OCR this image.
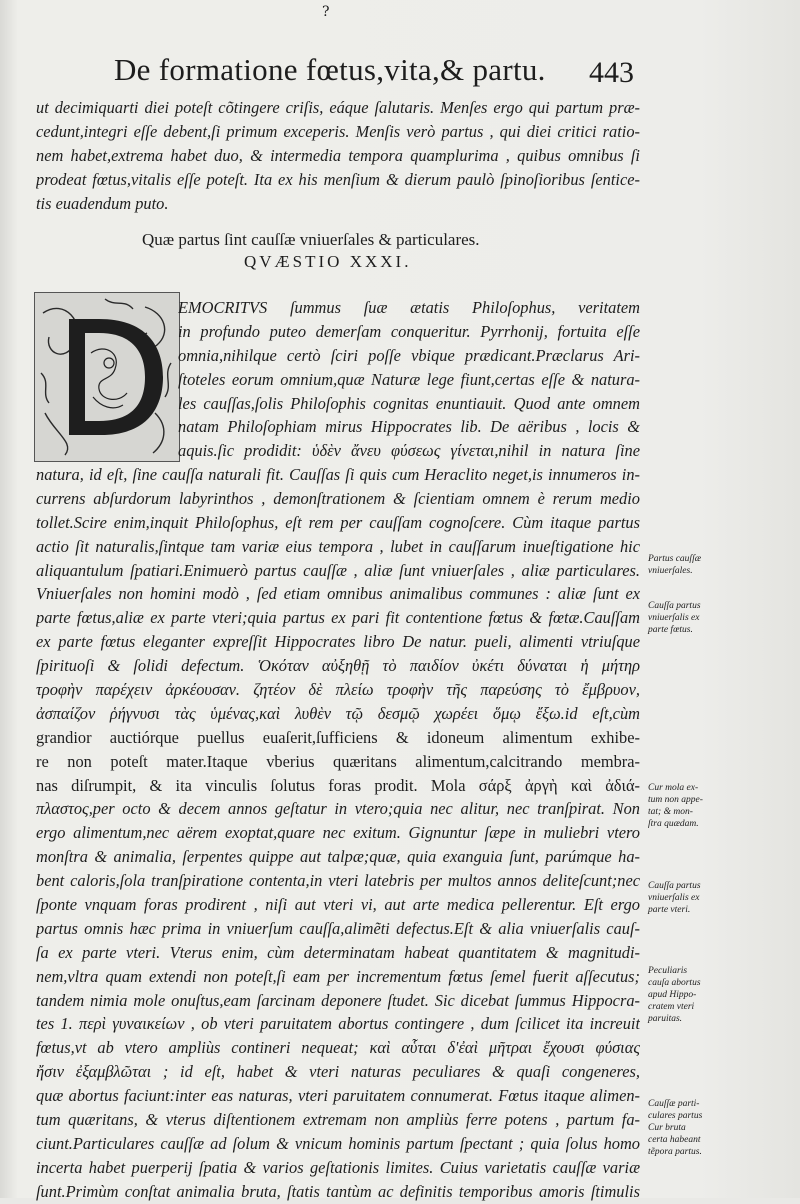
?
De formatione fœtus,vita,& partu. 443
ut decimiquarti diei poteſt cõtingere criſis, eáque ſalutaris. Menſes ergo qui partum præ-
cedunt,integri eſſe debent,ſi primum exceperis. Menſis verò partus , qui diei critici ratio-
nem habet,extrema habet duo, & intermedia tempora quamplurima , quibus omnibus ſi
prodeat fœtus,vitalis eſſe poteſt. Ita ex his menſium & dierum paulò ſpinoſioribus ſentice-
tis euadendum puto.
Quæ partus ſint cauſſæ vniuerſales & particulares.
QVÆSTIO XXXI.
EMOCRITVS ſummus ſuæ ætatis Philoſophus, veritatem
in profundo puteo demerſam conqueritur. Pyrrhonij, fortuita eſſe
omnia,nihilque certò ſciri poſſe vbique prædicant.Præclarus Ari-
ſtoteles eorum omnium,quæ Naturæ lege fiunt,certas eſſe & natura-
les cauſſas,ſolis Philoſophis cognitas enuntiauit. Quod ante omnem
natam Philoſophiam mirus Hippocrates lib. De aëribus , locis &
aquis.ſic prodidit: ὑδὲν ἄνευ φύσεως γίνεται,nihil in natura ſine
natura, id eſt, ſine cauſſa naturali fit. Cauſſas ſi quis cum Heraclito neget,is innumeros in-
currens abſurdorum labyrinthos , demonſtrationem & ſcientiam omnem è rerum medio
tollet.Scire enim,inquit Philoſophus, eſt rem per cauſſam cognoſcere. Cùm itaque partus
actio ſit naturalis,ſintque tam variæ eius tempora , lubet in cauſſarum inueſtigatione hic
aliquantulum ſpatiari.Enimuerò partus cauſſæ , aliæ ſunt vniuerſales , aliæ particulares.
Vniuerſales non homini modò , ſed etiam omnibus animalibus communes : aliæ ſunt ex
parte fœtus,aliæ ex parte vteri;quia partus ex pari fit contentione fœtus & fœtæ.Cauſſam
ex parte fœtus eleganter expreſſit Hippocrates libro De natur. pueli, alimenti vtriuſque
ſpirituoſi & ſolidi defectum. Ὁκόταν αὐξηθῇ τὸ παιδίον ὐκέτι δύναται ἡ μήτηρ
τροφὴν παρέχειν ἀρκέουσαν. ζητέον δὲ πλείω τροφὴν τῆς παρεύσης τὸ ἔμβρυον,
ἀσπαίζον ῥήγνυσι τὰς ὑμένας,καὶ λυθὲν τῷ δεσμῷ χωρέει ὅμῳ ἔξω.id eſt,cùm
grandior auctiórque puellus euaſerit,ſufficiens & idoneum alimentum exhibe-
re non poteſt mater.Itaque vberius quæritans alimentum,calcitrando membra-
nas diſrumpit, & ita vinculis ſolutus foras prodit. Mola σάρξ ἀργὴ καὶ ἀδιά-
πλαστος,per octo & decem annos geſtatur in vtero;quia nec alitur, nec tranſpirat. Non
ergo alimentum,nec aërem exoptat,quare nec exitum. Gignuntur ſæpe in muliebri vtero
monſtra & animalia, ſerpentes quippe aut talpæ;quæ, quia exanguia ſunt, parúmque ha-
bent caloris,ſola tranſpiratione contenta,in vteri latebris per multos annos deliteſcunt;nec
ſponte vnquam foras prodirent , niſi aut vteri vi, aut arte medica pellerentur. Eſt ergo
partus omnis hæc prima in vniuerſum cauſſa,alimẽti defectus.Eſt & alia vniuerſalis cauſ-
ſa ex parte vteri. Vterus enim, cùm determinatam habeat quantitatem & magnitudi-
nem,vltra quam extendi non poteſt,ſi eam per incrementum fœtus ſemel fuerit aſſecutus;
tandem nimia mole onuſtus,eam ſarcinam deponere ſtudet. Sic dicebat ſummus Hippocra-
tes 1. περὶ γυναικείων , ob vteri paruitatem abortus contingere , dum ſcilicet ita increuit
fœtus,vt ab vtero ampliùs contineri nequeat; καὶ αὗται δ'ἐαὶ μῆτραι ἔχουσι φύσιας
ἤσιν ἐξαμβλῶται ; id eſt, habet & vteri naturas peculiares & quaſi congeneres,
quæ abortus faciunt:inter eas naturas, vteri paruitatem connumerat. Fœtus itaque alimen-
tum quæritans, & vterus diſtentionem extremam non ampliùs ferre potens , partum fa-
ciunt.Particulares cauſſæ ad ſolum & vnicum hominis partum ſpectant ; quia ſolus homo
incerta habet puerperij ſpatia & varios geſtationis limites. Cuius varietatis cauſſæ variæ
ſunt.Primùm conſtat animalia bruta, ſtatis tantùm ac definitis temporibus amoris ſtimulis
Partus cauſſæ
vniuerſales.
Cauſſa partus
vniuerſalis ex
parte fœtus.
Cur mola ex-
tum non appe-
tat; & mon-
ſtra quædam.
Cauſſa partus
vniuerſalis ex
parte vteri.
Peculiaris
cauſa abortus
apud Hippo-
cratem vteri
paruitas.
Cauſſæ parti-
culares partus
Cur bruta
certa habeant
tẽpora partus.
